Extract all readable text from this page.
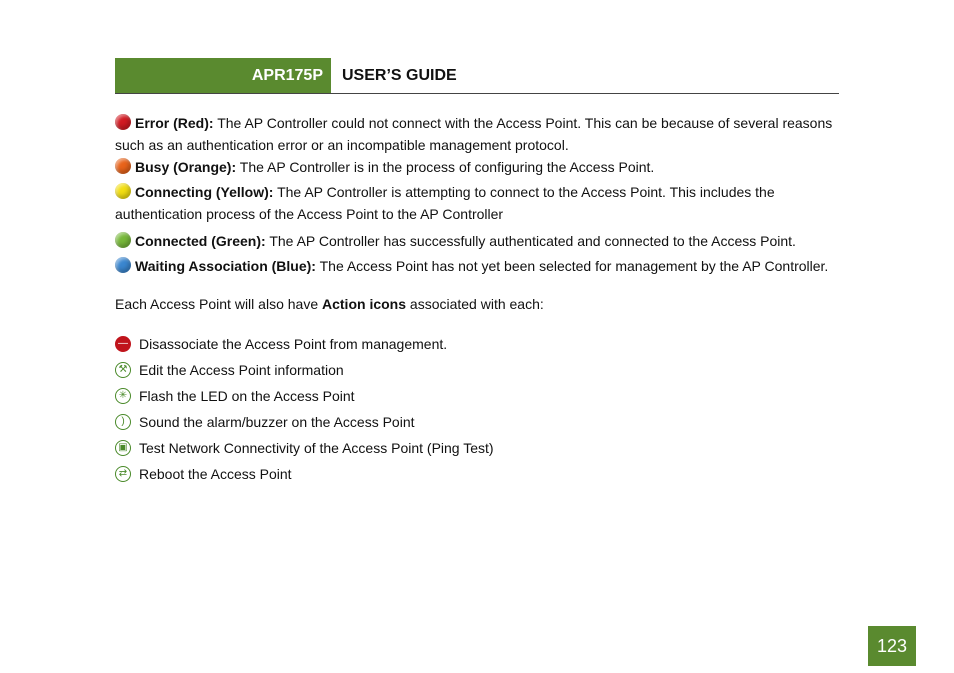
APR175P	USER’S GUIDE

Error (Red): The AP Controller could not connect with the Access Point. This can be because of several reasons such as an authentication error or an incompatible management protocol.

Busy (Orange): The AP Controller is in the process of configuring the Access Point.

Connecting (Yellow): The AP Controller is attempting to connect to the Access Point. This includes the authentication process of the Access Point to the AP Controller

Connected (Green): The AP Controller has successfully authenticated and connected to the Access Point.

Waiting Association (Blue): The Access Point has not yet been selected for management by the AP Controller.

Each Access Point will also have Action icons associated with each:

— Disassociate the Access Point from management.
⚒ Edit the Access Point information
✳ Flash the LED on the Access Point
)	Sound the alarm/buzzer on the Access Point
▣ Test Network Connectivity of the Access Point (Ping Test)
⇄ Reboot the Access Point
123
